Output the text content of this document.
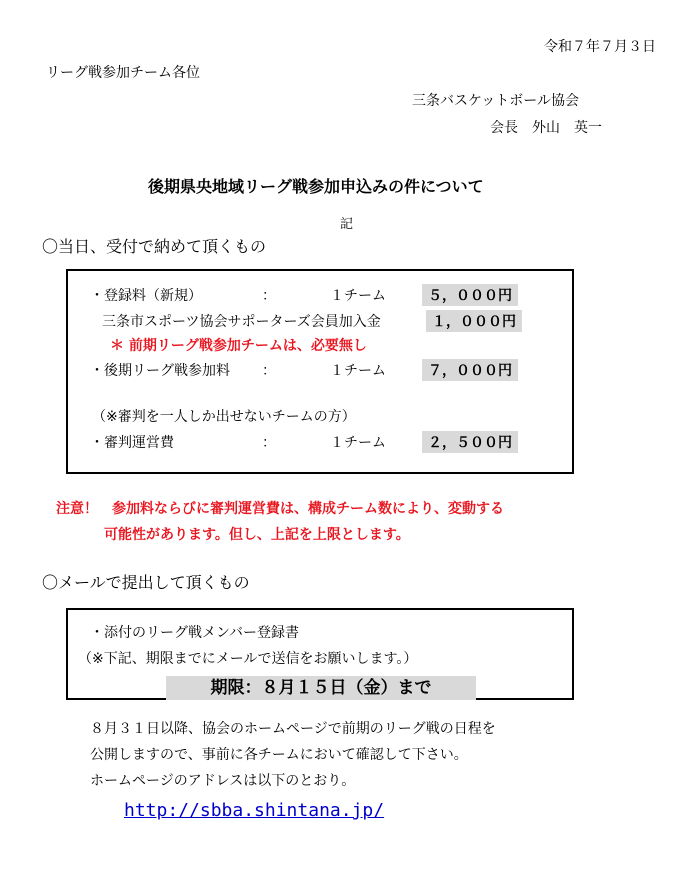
令和７年７月３日
リーグ戦参加チーム各位
三条バスケットボール協会
会長　外山　英一
後期県央地域リーグ戦参加申込みの件について
記
〇当日、受付で納めて頂くもの
・登録料（新規）	：	１チーム	５，０００円
三条市スポーツ協会サポーターズ会員加入金	１，０００円
＊ 前期リーグ戦参加チームは、必要無し
・後期リーグ戦参加料 ：	１チーム	７，０００円
（※審判を一人しか出せないチームの方）
・審判運営費	：	１チーム	２，５００円
注意！　参加料ならびに審判運営費は、構成チーム数により、変動する
可能性があります。但し、上記を上限とします。
〇メールで提出して頂くもの
・添付のリーグ戦メンバー登録書
（※下記、期限までにメールで送信をお願いします。）
期限：８月１５日（金）まで
８月３１日以降、協会のホームページで前期のリーグ戦の日程を
公開しますので、事前に各チームにおいて確認して下さい。
ホームページのアドレスは以下のとおり。
http://sbba.shintana.jp/
